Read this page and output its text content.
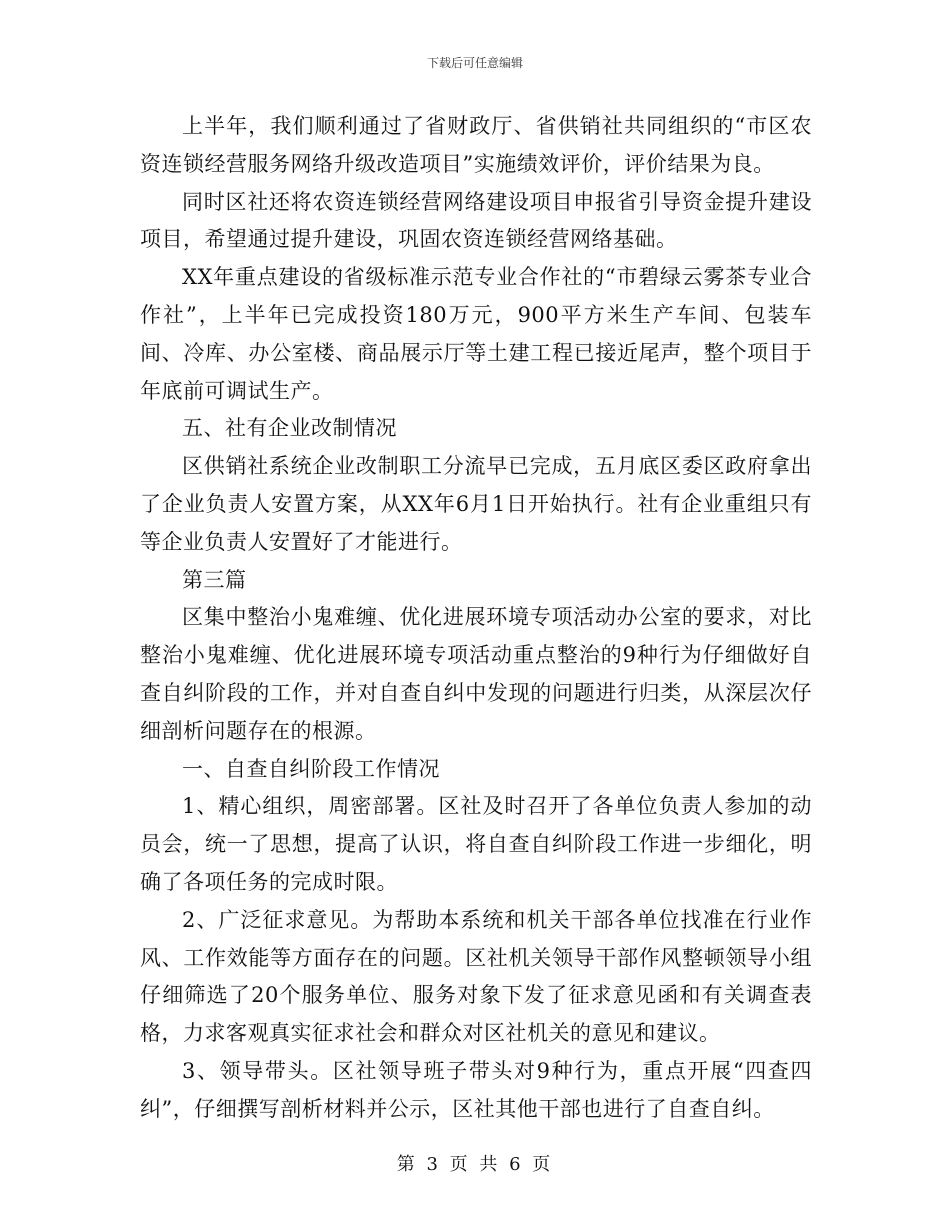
下载后可任意编辑

上半年，我们顺利通过了省财政厅、省供销社共同组织的“市区农资连锁经营服务网络升级改造项目”实施绩效评价，评价结果为良。

同时区社还将农资连锁经营网络建设项目申报省引导资金提升建设项目，希望通过提升建设，巩固农资连锁经营网络基础。

XX年重点建设的省级标准示范专业合作社的“市碧绿云雾茶专业合作社”，上半年已完成投资180万元，900平方米生产车间、包装车间、冷库、办公室楼、商品展示厅等土建工程已接近尾声，整个项目于年底前可调试生产。

五、社有企业改制情况

区供销社系统企业改制职工分流早已完成，五月底区委区政府拿出了企业负责人安置方案，从XX年6月1日开始执行。社有企业重组只有等企业负责人安置好了才能进行。

第三篇

区集中整治小鬼难缠、优化进展环境专项活动办公室的要求，对比整治小鬼难缠、优化进展环境专项活动重点整治的9种行为仔细做好自查自纠阶段的工作，并对自查自纠中发现的问题进行归类，从深层次仔细剖析问题存在的根源。

一、自查自纠阶段工作情况

1、精心组织，周密部署。区社及时召开了各单位负责人参加的动员会，统一了思想，提高了认识，将自查自纠阶段工作进一步细化，明确了各项任务的完成时限。

2、广泛征求意见。为帮助本系统和机关干部各单位找准在行业作风、工作效能等方面存在的问题。区社机关领导干部作风整顿领导小组仔细筛选了20个服务单位、服务对象下发了征求意见函和有关调查表格，力求客观真实征求社会和群众对区社机关的意见和建议。

3、领导带头。区社领导班子带头对9种行为，重点开展“四查四纠”，仔细撰写剖析材料并公示，区社其他干部也进行了自查自纠。

第 3 页 共 6 页
